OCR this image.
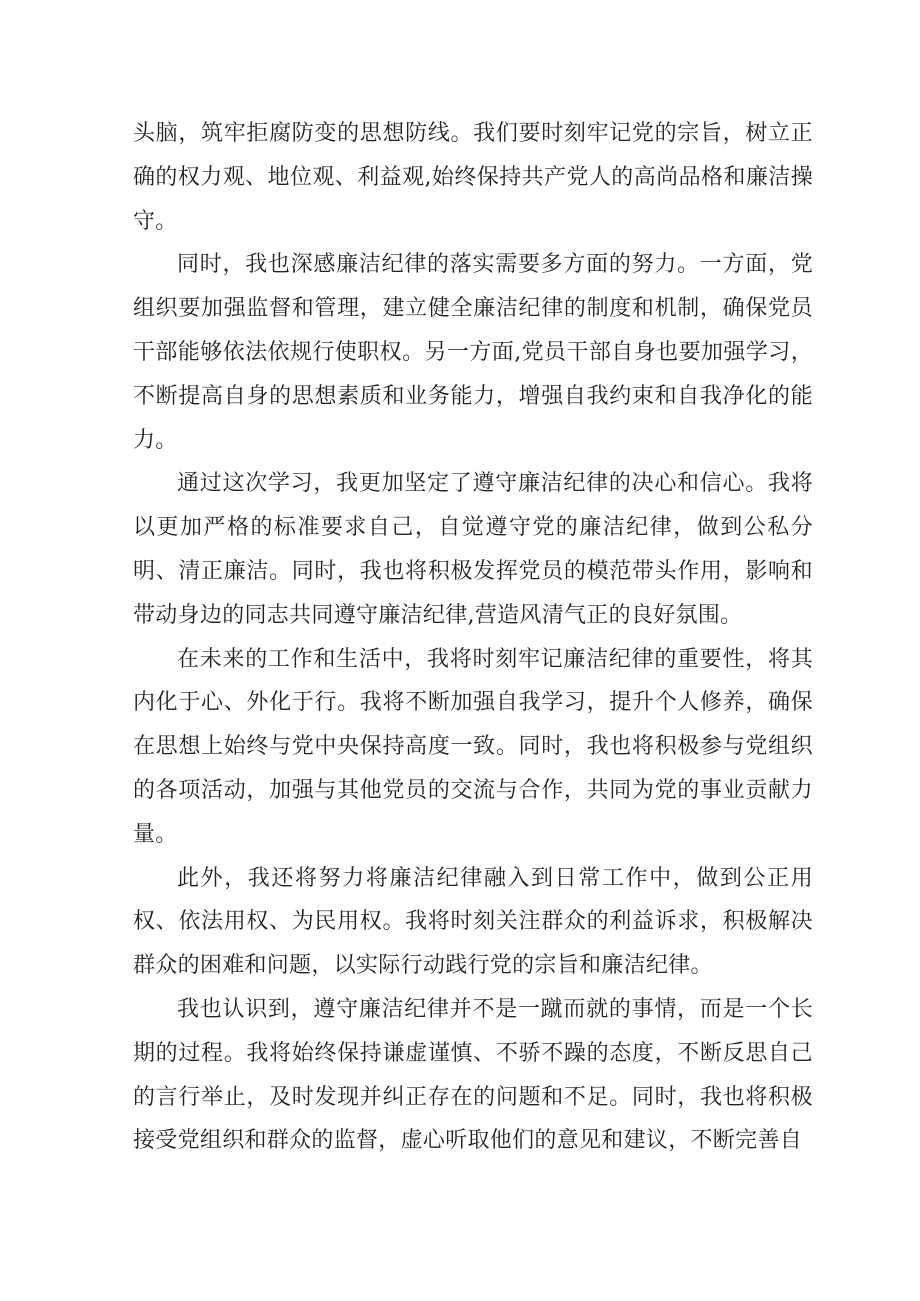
头脑，筑牢拒腐防变的思想防线。我们要时刻牢记党的宗旨，树立正确的权力观、地位观、利益观,始终保持共产党人的高尚品格和廉洁操守。

同时，我也深感廉洁纪律的落实需要多方面的努力。一方面，党组织要加强监督和管理，建立健全廉洁纪律的制度和机制，确保党员干部能够依法依规行使职权。另一方面,党员干部自身也要加强学习，不断提高自身的思想素质和业务能力，增强自我约束和自我净化的能力。

通过这次学习，我更加坚定了遵守廉洁纪律的决心和信心。我将以更加严格的标准要求自己，自觉遵守党的廉洁纪律，做到公私分明、清正廉洁。同时，我也将积极发挥党员的模范带头作用，影响和带动身边的同志共同遵守廉洁纪律,营造风清气正的良好氛围。

在未来的工作和生活中，我将时刻牢记廉洁纪律的重要性，将其内化于心、外化于行。我将不断加强自我学习，提升个人修养，确保在思想上始终与党中央保持高度一致。同时，我也将积极参与党组织的各项活动，加强与其他党员的交流与合作，共同为党的事业贡献力量。

此外，我还将努力将廉洁纪律融入到日常工作中，做到公正用权、依法用权、为民用权。我将时刻关注群众的利益诉求，积极解决群众的困难和问题，以实际行动践行党的宗旨和廉洁纪律。

我也认识到，遵守廉洁纪律并不是一蹴而就的事情，而是一个长期的过程。我将始终保持谦虚谨慎、不骄不躁的态度，不断反思自己的言行举止，及时发现并纠正存在的问题和不足。同时，我也将积极接受党组织和群众的监督，虚心听取他们的意见和建议，不断完善自
